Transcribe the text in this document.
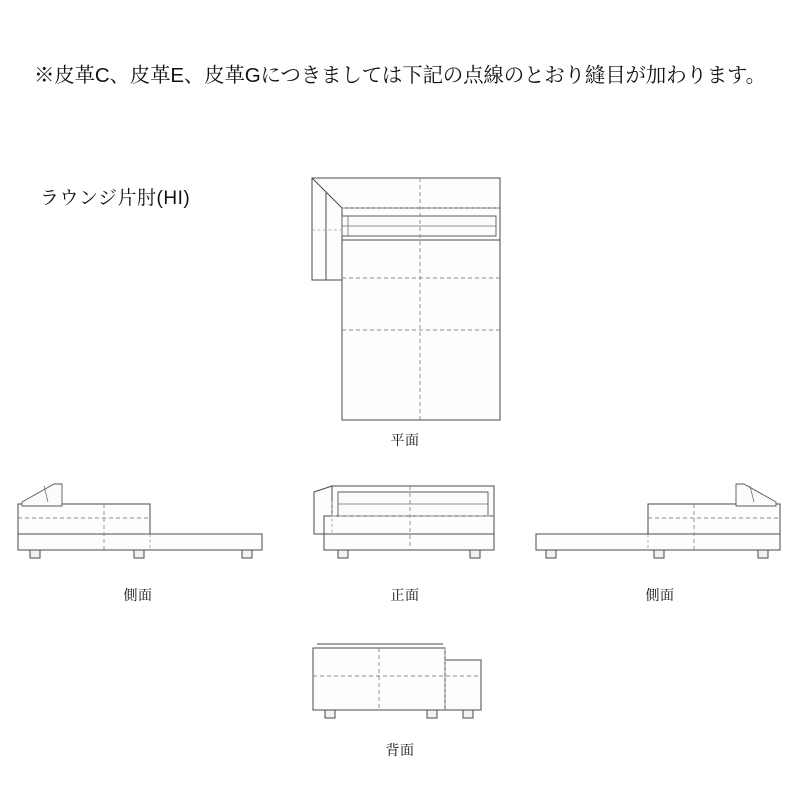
※皮革C、皮革E、皮革Gにつきましては下記の点線のとおり縫目が加わります。
ラウンジ片肘(HI)
平面
側面	正面	側面
背面
